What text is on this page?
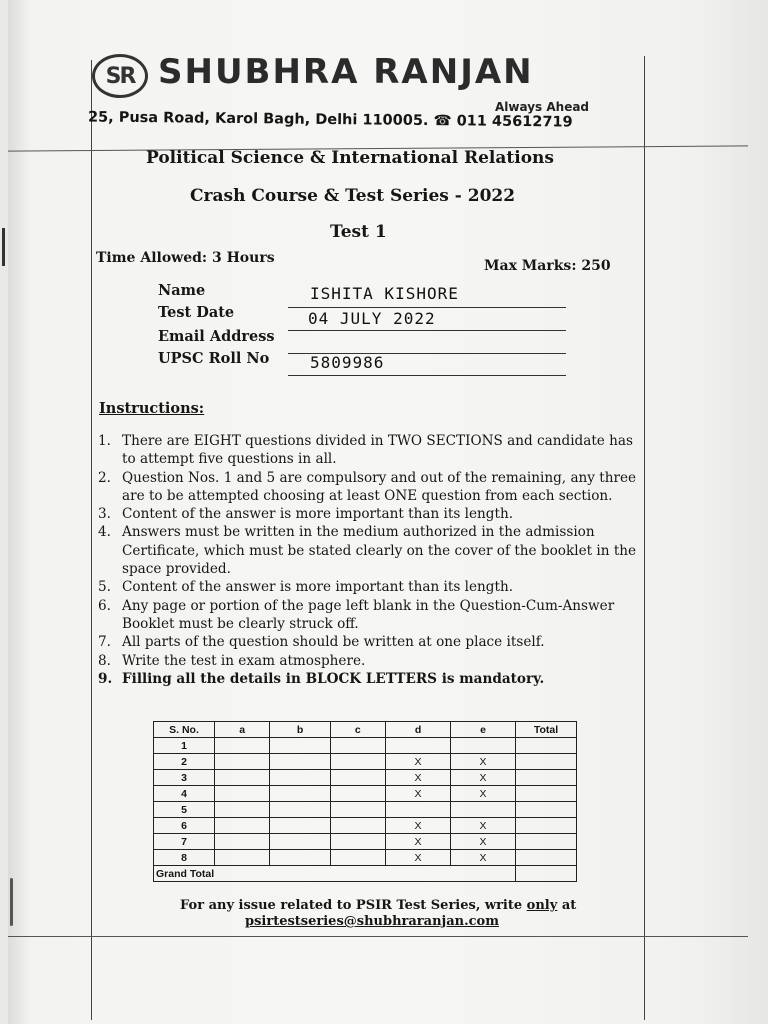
SR SHUBHRA RANJAN
Always Ahead
25, Pusa Road, Karol Bagh, Delhi 110005. ☎ 011 45612719
Political Science & International Relations
Crash Course & Test Series - 2022
Test 1
Time Allowed: 3 Hours	Max Marks: 250
Name	ISHITA KISHORE
Test Date	04 JULY 2022
Email Address
UPSC Roll No	5809986
Instructions:
1. There are EIGHT questions divided in TWO SECTIONS and candidate has to attempt five questions in all.
2. Question Nos. 1 and 5 are compulsory and out of the remaining, any three are to be attempted choosing at least ONE question from each section.
3. Content of the answer is more important than its length.
4. Answers must be written in the medium authorized in the admission Certificate, which must be stated clearly on the cover of the booklet in the space provided.
5. Content of the answer is more important than its length.
6. Any page or portion of the page left blank in the Question-Cum-Answer Booklet must be clearly struck off.
7. All parts of the question should be written at one place itself.
8. Write the test in exam atmosphere.
9. Filling all the details in BLOCK LETTERS is mandatory.
S. No.	a	b	c	d	e	Total
1						
2				X	X	
3				X	X	
4				X	X	
5						
6				X	X	
7				X	X	
8				X	X	
Grand Total						
For any issue related to PSIR Test Series, write only at
psirtestseries@shubhraranjan.com
